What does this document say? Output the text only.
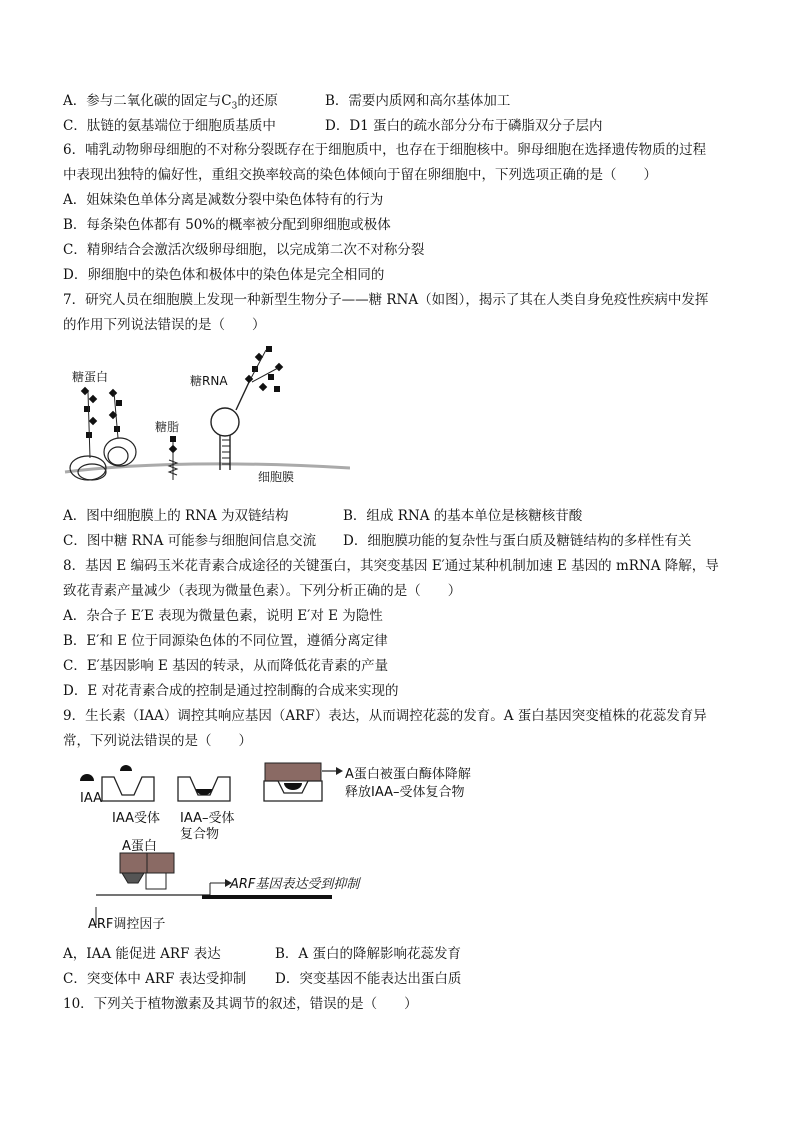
A．参与二氧化碳的固定与$C_3$的还原	B．需要内质网和高尔基体加工
C．肽链的氨基端位于细胞质基质中	D．D1 蛋白的疏水部分分布于磷脂双分子层内
6．哺乳动物卵母细胞的不对称分裂既存在于细胞质中，也存在于细胞核中。卵母细胞在选择遗传物质的过程
中表现出独特的偏好性，重组交换率较高的染色体倾向于留在卵细胞中，下列选项正确的是（　　）
A．姐妹染色单体分离是减数分裂中染色体特有的行为
B．每条染色体都有 50%的概率被分配到卵细胞或极体
C．精卵结合会激活次级卵母细胞，以完成第二次不对称分裂
D．卵细胞中的染色体和极体中的染色体是完全相同的
7．研究人员在细胞膜上发现一种新型生物分子——糖 RNA（如图），揭示了其在人类自身免疫性疾病中发挥
的作用下列说法错误的是（　　）
糖蛋白	糖RNA
糖脂
细胞膜
A．图中细胞膜上的 RNA 为双链结构	B．组成 RNA 的基本单位是核糖核苷酸
C．图中糖 RNA 可能参与细胞间信息交流 D．细胞膜功能的复杂性与蛋白质及糖链结构的多样性有关
8．基因 E 编码玉米花青素合成途径的关键蛋白，其突变基因 E′通过某种机制加速 E 基因的 mRNA 降解，导
致花青素产量减少（表现为微量色素）。下列分析正确的是（　　）
A．杂合子 E′E 表现为微量色素，说明 E′对 E 为隐性
B．E′和 E 位于同源染色体的不同位置，遵循分离定律
C．E′基因影响 E 基因的转录，从而降低花青素的产量
D．E 对花青素合成的控制是通过控制酶的合成来实现的
9．生长素（IAA）调控其响应基因（ARF）表达，从而调控花蕊的发育。A 蛋白基因突变植株的花蕊发育异
常，下列说法错误的是（　　）
IAA
IAA受体 IAA–受体
复合物
A蛋白被蛋白酶体降解
释放IAA–受体复合物
A蛋白
ARF基因表达受到抑制
ARF调控因子
A，IAA 能促进 ARF 表达	B．A 蛋白的降解影响花蕊发育
C．突变体中 ARF 表达受抑制 D．突变基因不能表达出蛋白质
10．下列关于植物激素及其调节的叙述，错误的是（　　）
